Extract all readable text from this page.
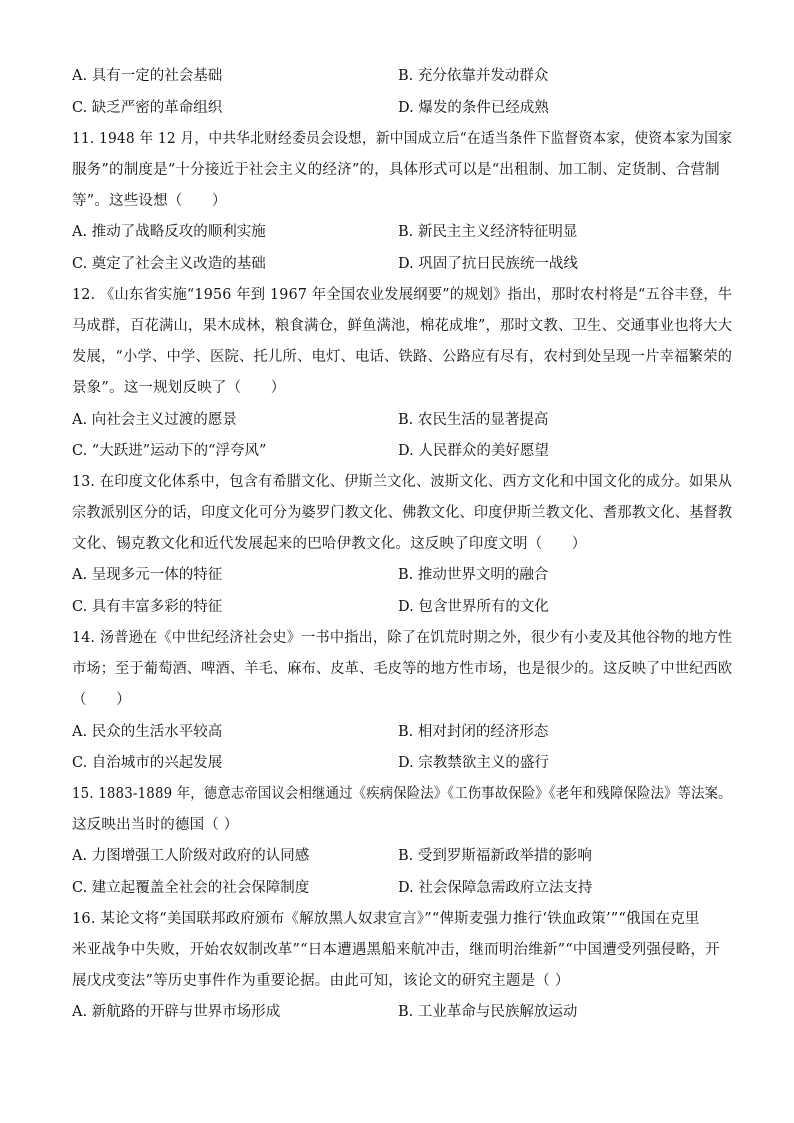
A. 具有一定的社会基础	B. 充分依靠并发动群众
C. 缺乏严密的革命组织	D. 爆发的条件已经成熟
11. 1948 年 12 月，中共华北财经委员会设想，新中国成立后“在适当条件下监督资本家，使资本家为国家
服务”的制度是“十分接近于社会主义的经济”的，具体形式可以是“出租制、加工制、定货制、合营制
等”。这些设想（　　）
A. 推动了战略反攻的顺利实施	B. 新民主主义经济特征明显
C. 奠定了社会主义改造的基础	D. 巩固了抗日民族统一战线
12. 《山东省实施“1956 年到 1967 年全国农业发展纲要”的规划》指出，那时农村将是“五谷丰登，牛
马成群，百花满山，果木成林，粮食满仓，鲜鱼满池，棉花成堆”，那时文教、卫生、交通事业也将大大
发展，“小学、中学、医院、托儿所、电灯、电话、铁路、公路应有尽有，农村到处呈现一片幸福繁荣的
景象”。这一规划反映了（　　）
A. 向社会主义过渡的愿景	B. 农民生活的显著提高
C. “大跃进”运动下的“浮夸风”	D. 人民群众的美好愿望
13. 在印度文化体系中，包含有希腊文化、伊斯兰文化、波斯文化、西方文化和中国文化的成分。如果从
宗教派别区分的话，印度文化可分为婆罗门教文化、佛教文化、印度伊斯兰教文化、耆那教文化、基督教
文化、锡克教文化和近代发展起来的巴哈伊教文化。这反映了印度文明（　　）
A. 呈现多元一体的特征	B. 推动世界文明的融合
C. 具有丰富多彩的特征	D. 包含世界所有的文化
14. 汤普逊在《中世纪经济社会史》一书中指出，除了在饥荒时期之外，很少有小麦及其他谷物的地方性
市场；至于葡萄酒、啤酒、羊毛、麻布、皮革、毛皮等的地方性市场，也是很少的。这反映了中世纪西欧
（　　）
A. 民众的生活水平较高	B. 相对封闭的经济形态
C. 自治城市的兴起发展	D. 宗教禁欲主义的盛行
15. 1883-1889 年，德意志帝国议会相继通过《疾病保险法》《工伤事故保险》《老年和残障保险法》等法案。
这反映出当时的德国（ ）
A. 力图增强工人阶级对政府的认同感	B. 受到罗斯福新政举措的影响
C. 建立起覆盖全社会的社会保障制度	D. 社会保障急需政府立法支持
16. 某论文将“美国联邦政府颁布《解放黑人奴隶宣言》”“俾斯麦强力推行‘铁血政策’”“俄国在克里
米亚战争中失败，开始农奴制改革”“日本遭遇黑船来航冲击，继而明治维新”“中国遭受列强侵略，开
展戊戌变法”等历史事件作为重要论据。由此可知，该论文的研究主题是（ ）
A. 新航路的开辟与世界市场形成	B. 工业革命与民族解放运动
